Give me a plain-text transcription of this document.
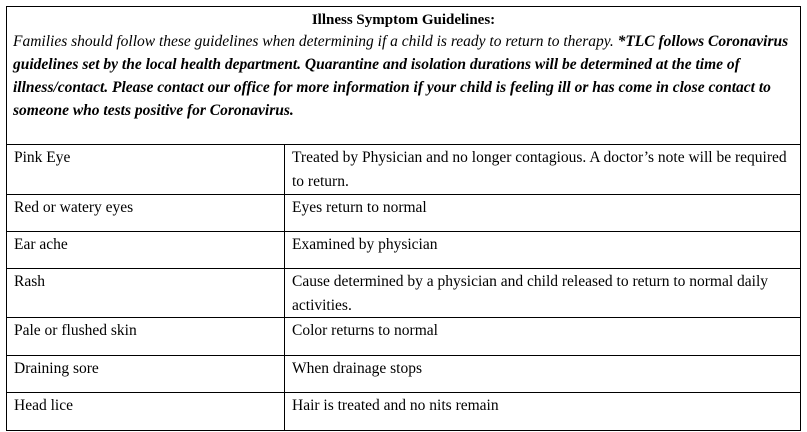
Illness Symptom Guidelines:
Families should follow these guidelines when determining if a child is ready to return to therapy. *TLC follows Coronavirus guidelines set by the local health department. Quarantine and isolation durations will be determined at the time of illness/contact. Please contact our office for more information if your child is feeling ill or has come in close contact to someone who tests positive for Coronavirus.
Pink Eye	Treated by Physician and no longer contagious. A doctor’s note will be required to return.
Red or watery eyes	Eyes return to normal
Ear ache	Examined by physician
Rash	Cause determined by a physician and child released to return to normal daily activities.
Pale or flushed skin	Color returns to normal
Draining sore	When drainage stops
Head lice	Hair is treated and no nits remain
